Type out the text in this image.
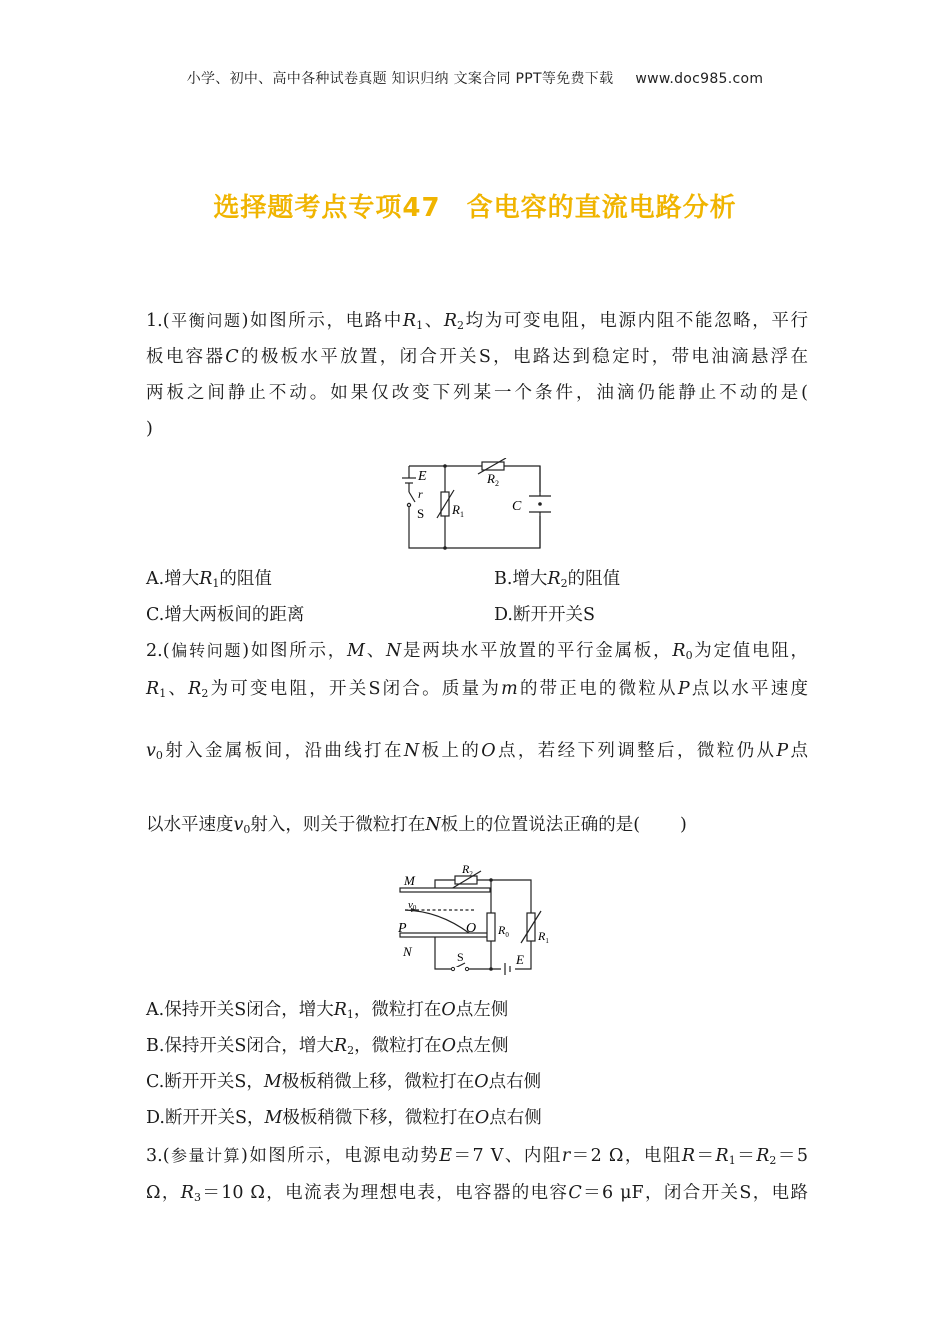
小学、初中、高中各种试卷真题 知识归纳 文案合同 PPT等免费下载 www.doc985.com
选择题考点专项47 含电容的直流电路分析
1.(平衡问题)如图所示，电路中$R_1$、$R_2$均为可变电阻，电源内阻不能忽略，平行
板电容器C的极板水平放置，闭合开关S，电路达到稳定时，带电油滴悬浮在
两板之间静止不动。如果仅改变下列某一个条件，油滴仍能静止不动的是(
)
E
r
S $R_1$
$R_2$
C
A.增大$R_1$的阻值	B.增大$R_2$的阻值
C.增大两板间的距离	D.断开开关S
2.(偏转问题)如图所示，M、N是两块水平放置的平行金属板，$R_0$为定值电阻，
$R_1$、$R_2$为可变电阻，开关S闭合。质量为m的带正电的微粒从P点以水平速度
$v_0$射入金属板间，沿曲线打在N板上的O点，若经下列调整后，微粒仍从P点
以水平速度$v_0$射入，则关于微粒打在N板上的位置说法正确的是( )
M
N
P	O
v0
$R_2$
$R_0$ $R_1$
S	E
A.保持开关S闭合，增大$R_1$，微粒打在O点左侧
B.保持开关S闭合，增大$R_2$，微粒打在O点左侧
C.断开开关S，M极板稍微上移，微粒打在O点右侧
D.断开开关S，M极板稍微下移，微粒打在O点右侧
3.(参量计算)如图所示，电源电动势E＝7 V、内阻r＝2 Ω，电阻$R=R_1=R_2=5$
Ω，$R_3=10$ Ω，电流表为理想电表，电容器的电容C＝6 μF，闭合开关S，电路
